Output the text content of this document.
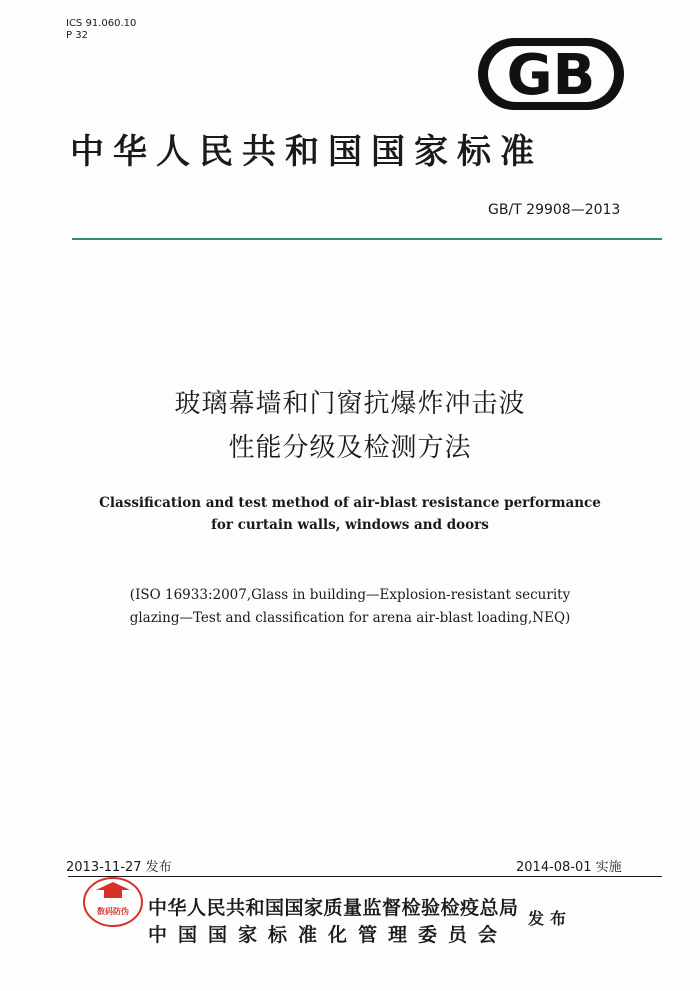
ICS 91.060.10
P 32
GB
中华人民共和国国家标准
GB/T 29908—2013
玻璃幕墙和门窗抗爆炸冲击波
性能分级及检测方法
Classification and test method of air-blast resistance performance
for curtain walls, windows and doors
(ISO 16933:2007,Glass in building—Explosion-resistant security
glazing—Test and classification for arena air-blast loading,NEQ)
2013-11-27 发布	2014-08-01 实施
数码防伪 中华人民共和国国家质量监督检验检疫总局
中国国家标准化管理委员会
发布
